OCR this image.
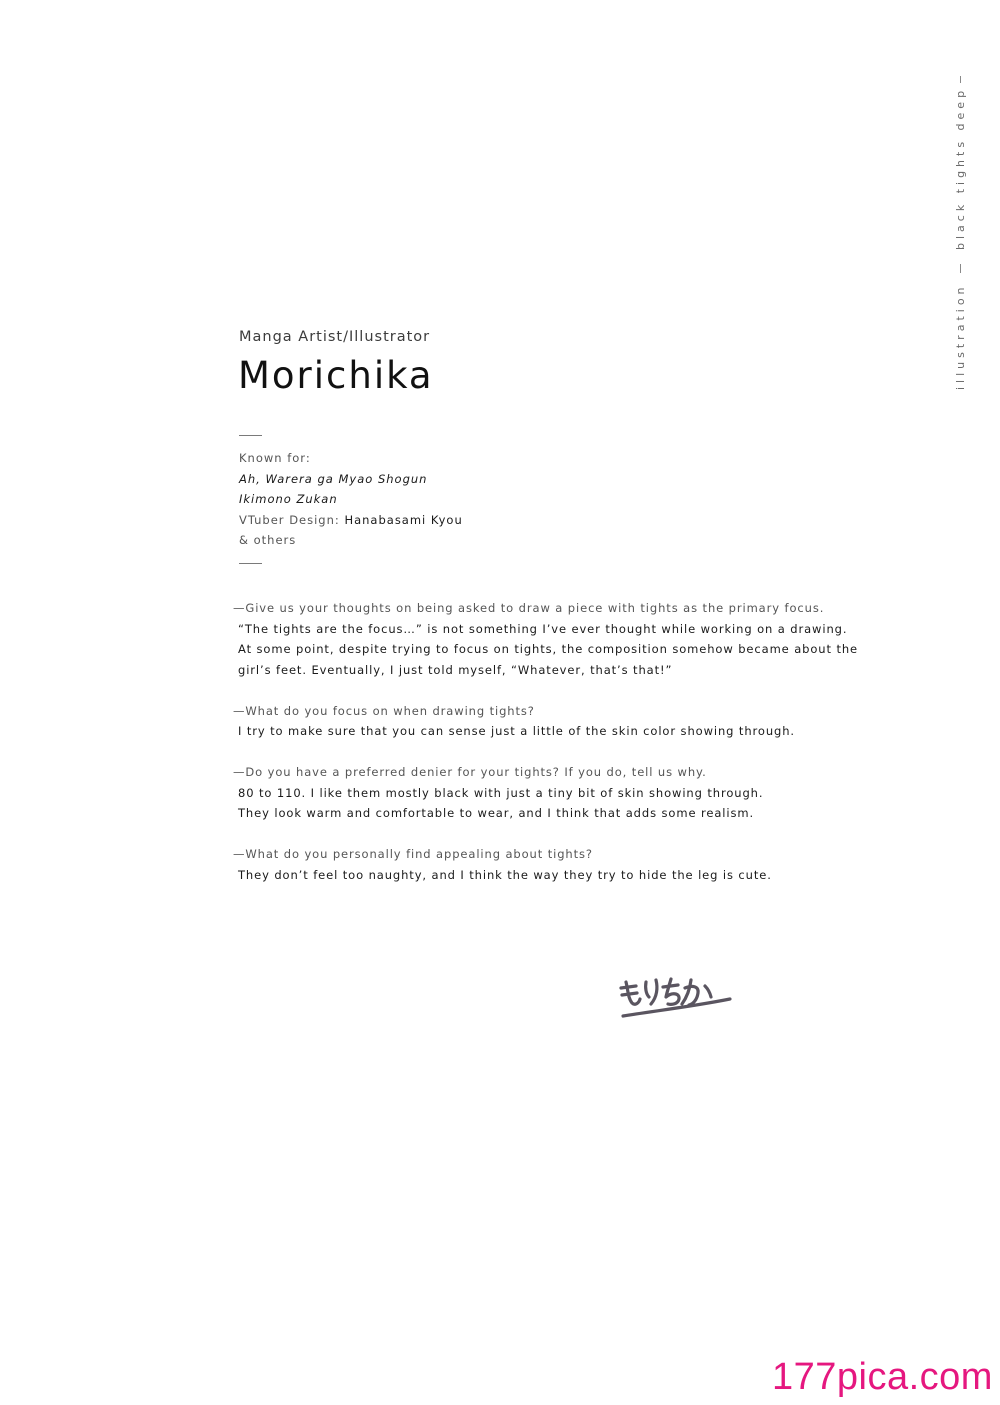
black tights deep
illustration
Manga Artist/Illustrator
Morichika
Known for:
Ah, Warera ga Myao Shogun
Ikimono Zukan
VTuber Design: Hanabasami Kyou
& others
—Give us your thoughts on being asked to draw a piece with tights as the primary focus.
“The tights are the focus…” is not something I’ve ever thought while working on a drawing.
At some point, despite trying to focus on tights, the composition somehow became about the
girl’s feet. Eventually, I just told myself, “Whatever, that’s that!”
—What do you focus on when drawing tights?
I try to make sure that you can sense just a little of the skin color showing through.
—Do you have a preferred denier for your tights? If you do, tell us why.
80 to 110. I like them mostly black with just a tiny bit of skin showing through.
They look warm and comfortable to wear, and I think that adds some realism.
—What do you personally find appealing about tights?
They don’t feel too naughty, and I think the way they try to hide the leg is cute.
177pica.com
